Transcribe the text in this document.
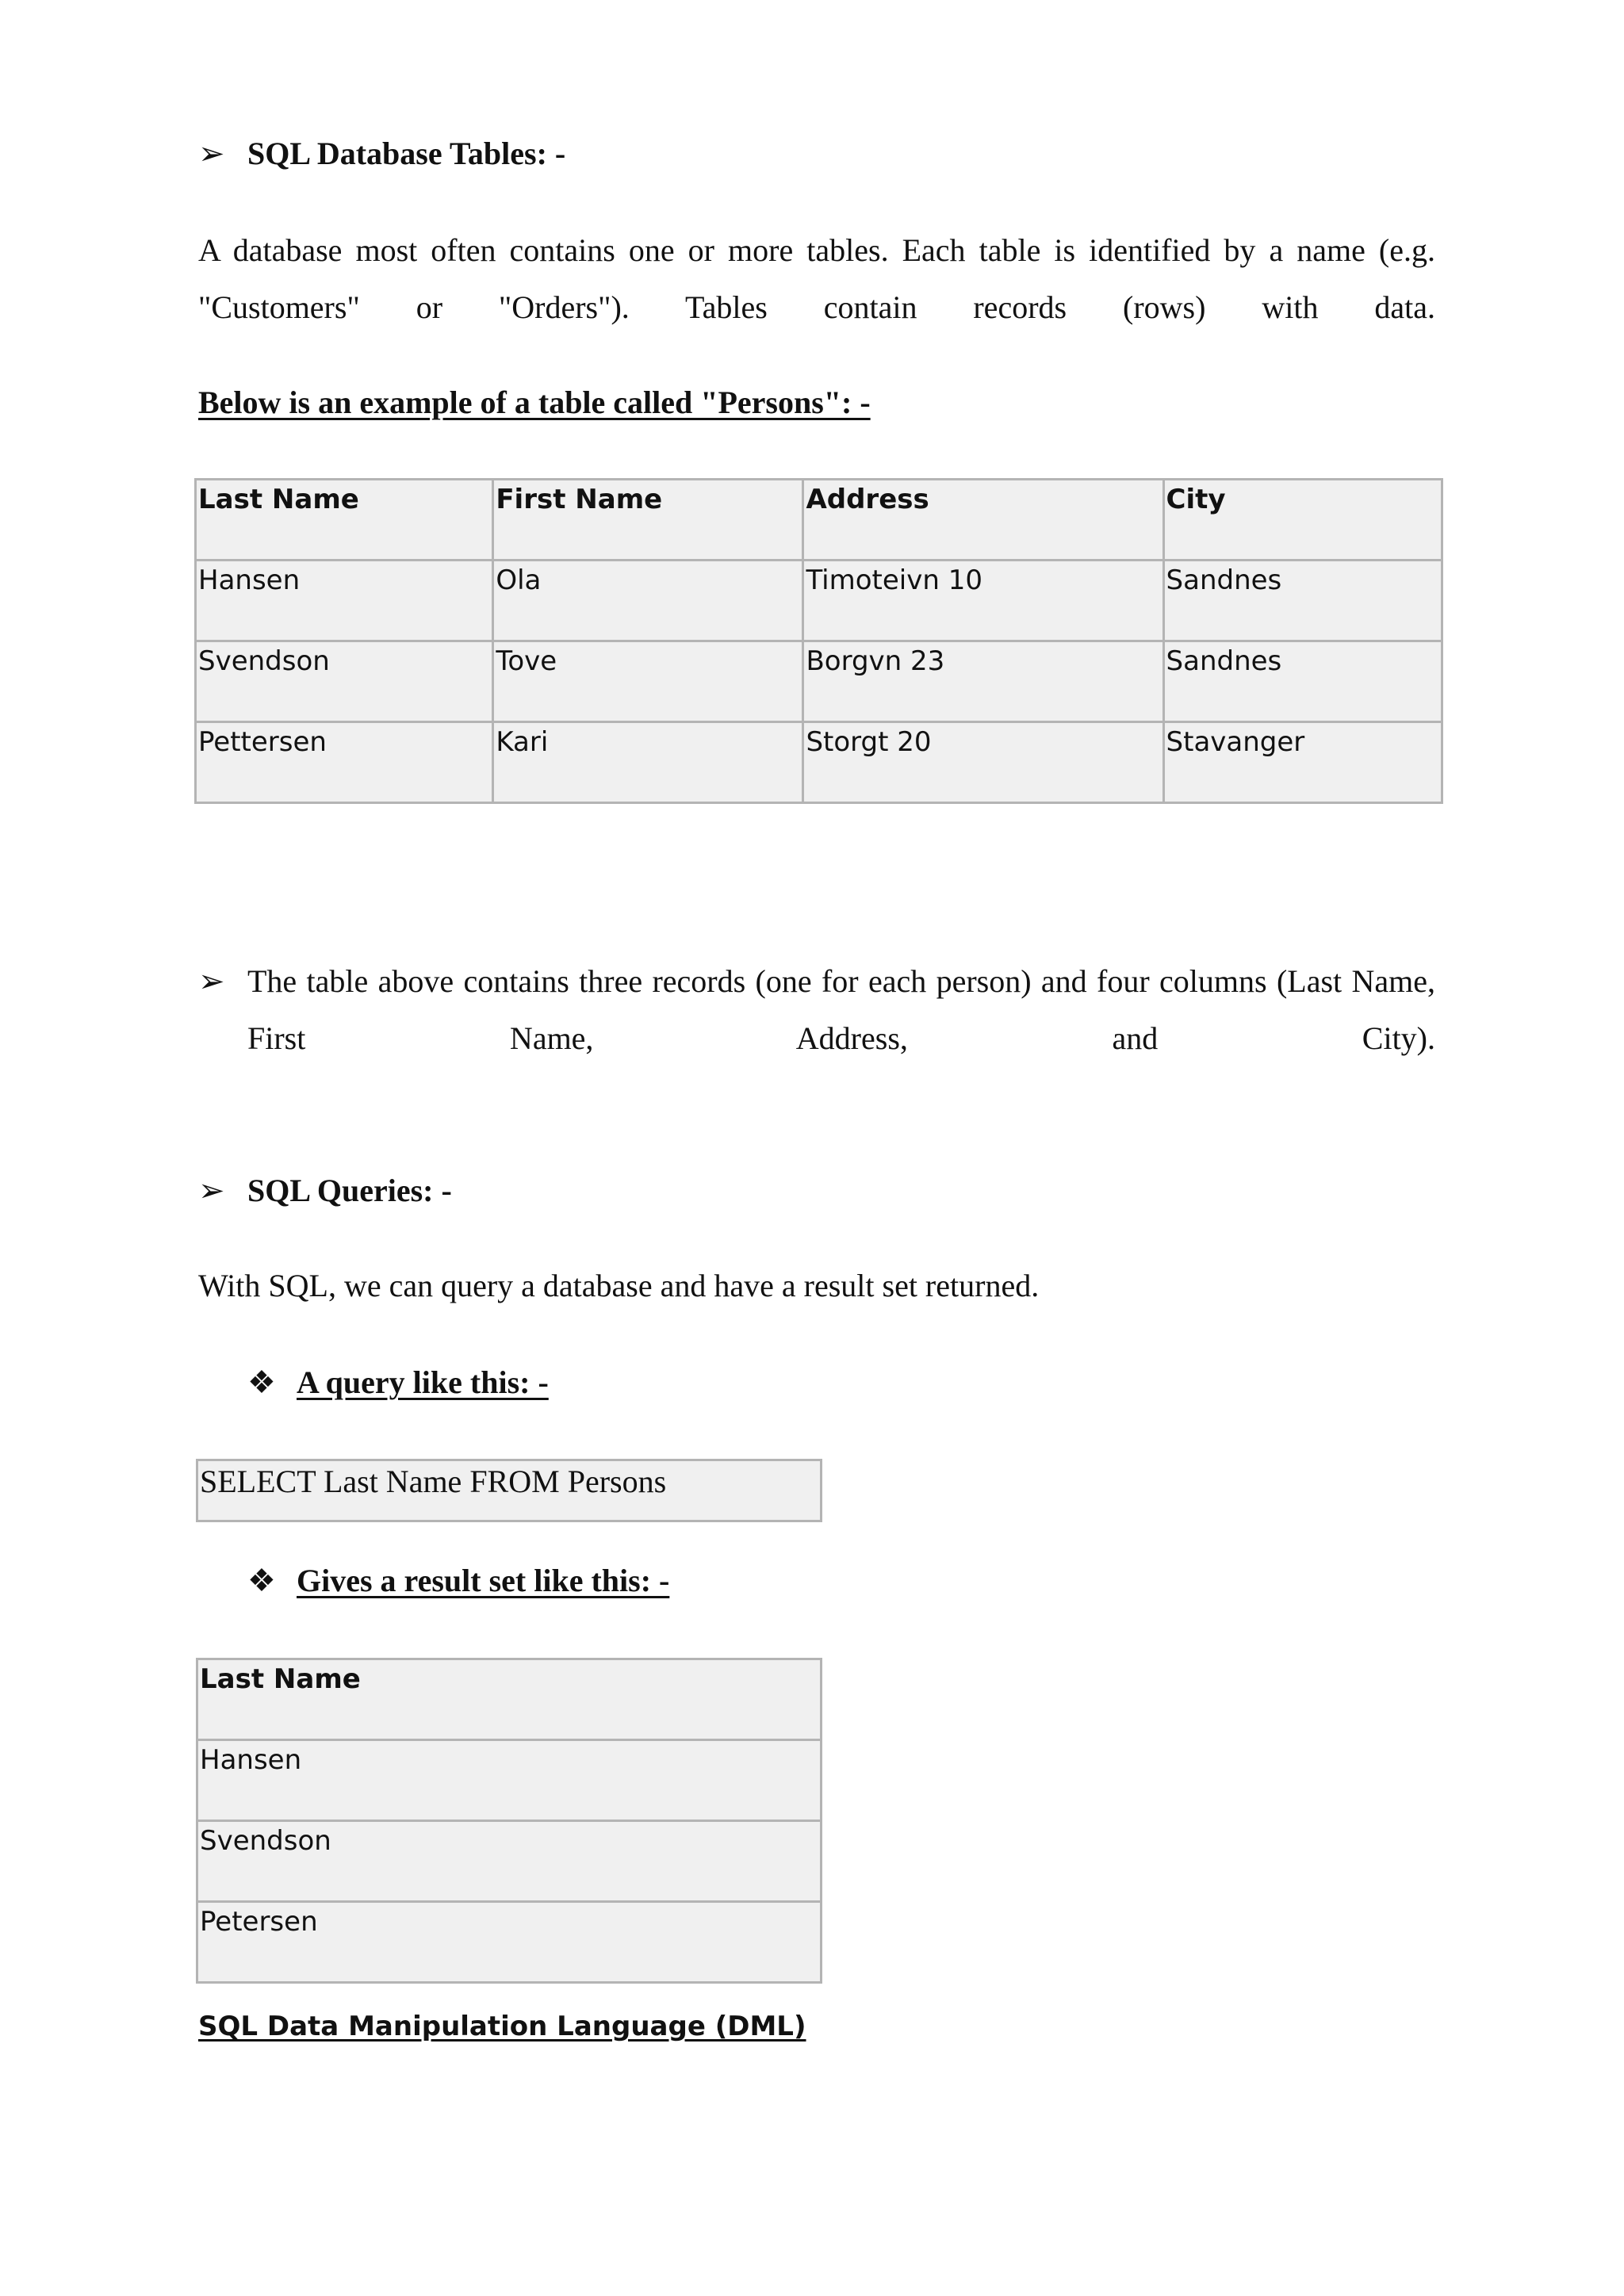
➢ SQL Database Tables: -
A database most often contains one or more tables. Each table is identified by a name (e.g. "Customers" or "Orders"). Tables contain records (rows) with data.
Below is an example of a table called "Persons": -
Last Name	First Name	Address	City
Hansen	Ola	Timoteivn 10	Sandnes
Svendson	Tove	Borgvn 23	Sandnes
Pettersen	Kari	Storgt 20	Stavanger
➢ The table above contains three records (one for each person) and four columns (Last Name, First Name, Address, and City).
➢ SQL Queries: -
With SQL, we can query a database and have a result set returned.
❖ A query like this: -
SELECT Last Name FROM Persons
❖ Gives a result set like this: -
Last Name
Hansen
Svendson
Petersen
SQL Data Manipulation Language (DML)
